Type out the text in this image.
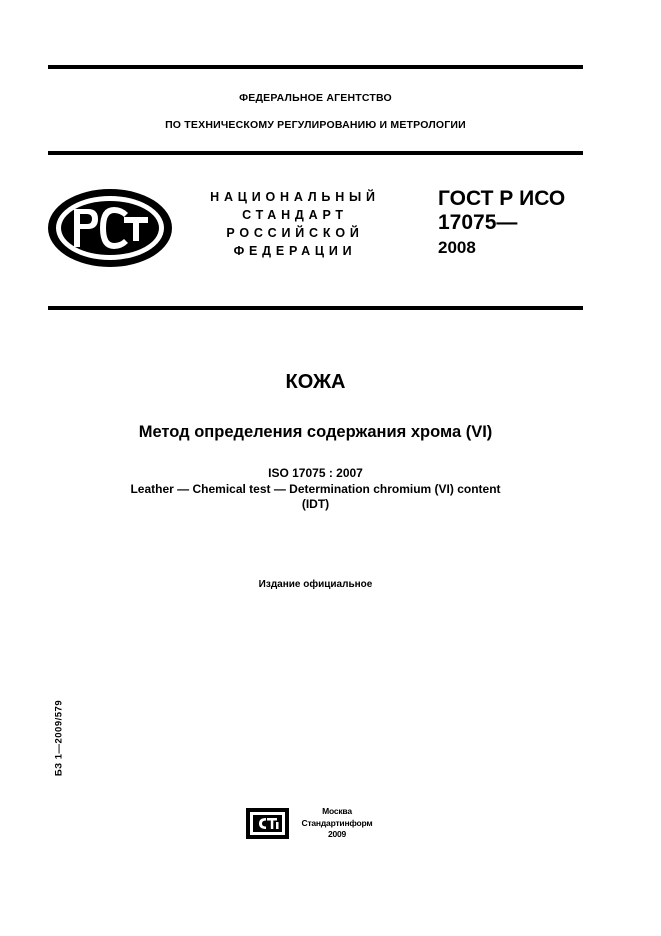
ФЕДЕРАЛЬНОЕ АГЕНТСТВО
ПО ТЕХНИЧЕСКОМУ РЕГУЛИРОВАНИЮ И МЕТРОЛОГИИ
НАЦИОНАЛЬНЫЙ
СТАНДАРТ
РОССИЙСКОЙ
ФЕДЕРАЦИИ
ГОСТ Р ИСО
17075—
2008
КОЖА
Метод определения содержания хрома (VI)
ISO 17075 : 2007
Leather — Chemical test — Determination chromium (VI) content
(IDT)
Издание официальное
БЗ 1—2009/579
Москва
Стандартинформ
2009
